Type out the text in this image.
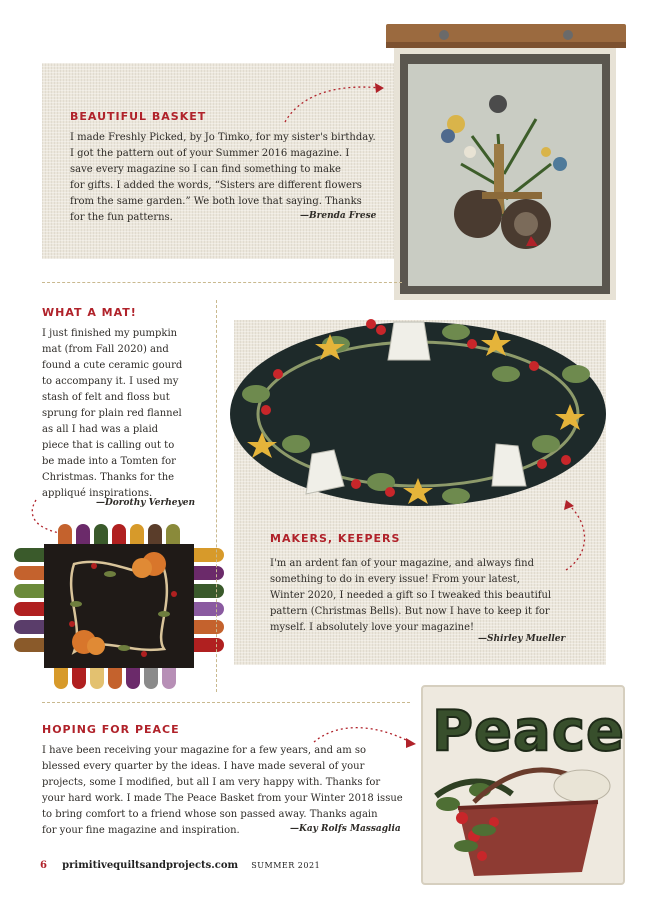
BEAUTIFUL BASKET

I made Freshly Picked, by Jo Timko, for my sister's birthday.

I got the pattern out of your Summer 2016 magazine. I

save every magazine so I can find something to make

for gifts. I added the words, “Sisters are different flowers

from the same garden.” We both love that saying. Thanks

for the fun patterns.	—Brenda Frese
WHAT A MAT!

I just finished my pumpkin

mat (from Fall 2020) and

found a cute ceramic gourd

to accompany it. I used my

stash of felt and floss but

sprung for plain red flannel

as all I had was a plaid

piece that is calling out to

be made into a Tomten for

Christmas. Thanks for the

appliqué inspirations.

—Dorothy Verheyen
MAKERS, KEEPERS

I'm an ardent fan of your magazine, and always find

something to do in every issue! From your latest,

Winter 2020, I needed a gift so I tweaked this beautiful

pattern (Christmas Bells). But now I have to keep it for

myself. I absolutely love your magazine!

—Shirley Mueller
HOPING FOR PEACE

I have been receiving your magazine for a few years, and am so

blessed every quarter by the ideas. I have made several of your

projects, some I modified, but all I am very happy with. Thanks for

your hard work. I made The Peace Basket from your Winter 2018 issue

to bring comfort to a friend whose son passed away. Thanks again

for your fine magazine and inspiration.	—Kay Rolfs Massaglia
Peace
6 primitivequiltsandprojects.com SUMMER 2021
